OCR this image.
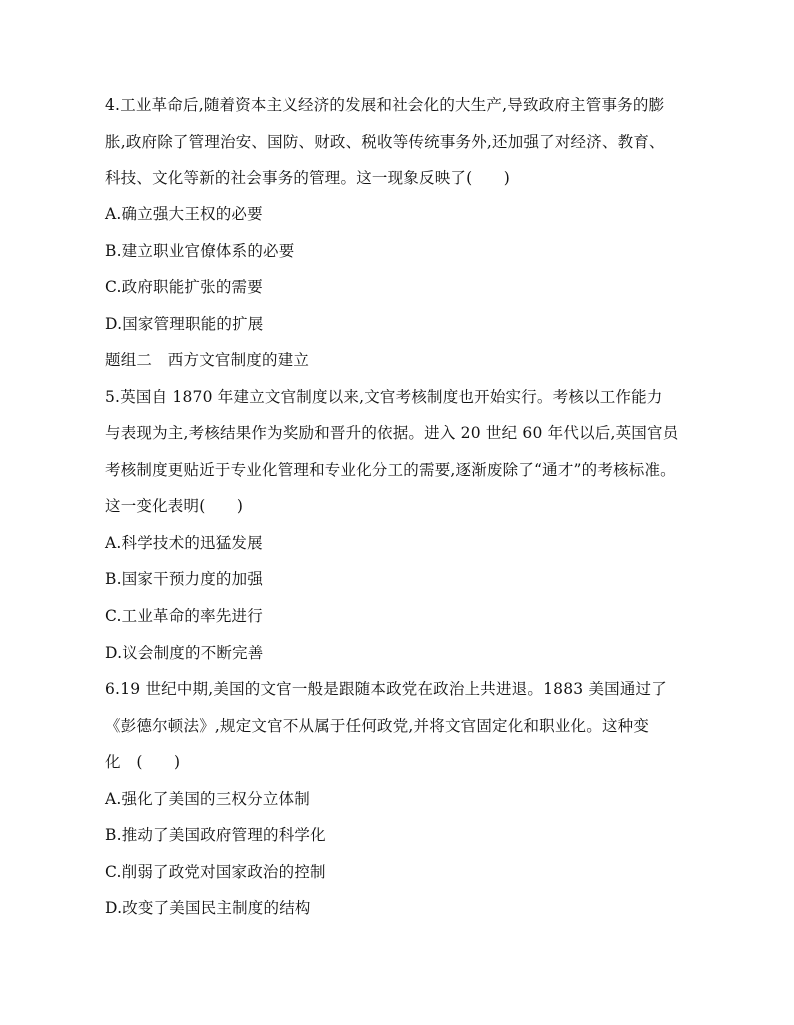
4.工业革命后,随着资本主义经济的发展和社会化的大生产,导致政府主管事务的膨
胀,政府除了管理治安、国防、财政、税收等传统事务外,还加强了对经济、教育、
科技、文化等新的社会事务的管理。这一现象反映了(　　)
A.确立强大王权的必要
B.建立职业官僚体系的必要
C.政府职能扩张的需要
D.国家管理职能的扩展
题组二　西方文官制度的建立
5.英国自 1870 年建立文官制度以来,文官考核制度也开始实行。考核以工作能力
与表现为主,考核结果作为奖励和晋升的依据。进入 20 世纪 60 年代以后,英国官员
考核制度更贴近于专业化管理和专业化分工的需要,逐渐废除了“通才”的考核标准。
这一变化表明(　　)
A.科学技术的迅猛发展
B.国家干预力度的加强
C.工业革命的率先进行
D.议会制度的不断完善
6.19 世纪中期,美国的文官一般是跟随本政党在政治上共进退。1883 美国通过了
《彭德尔顿法》,规定文官不从属于任何政党,并将文官固定化和职业化。这种变
化　(　　)
A.强化了美国的三权分立体制
B.推动了美国政府管理的科学化
C.削弱了政党对国家政治的控制
D.改变了美国民主制度的结构
